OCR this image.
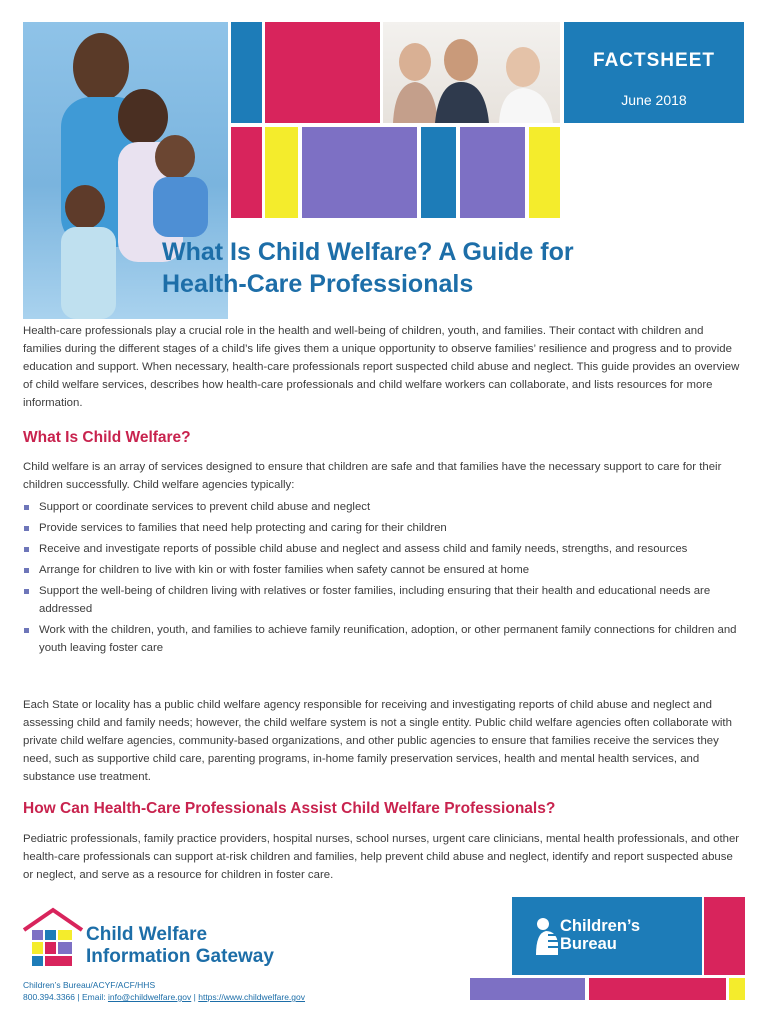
FACTSHEET
June 2018
What Is Child Welfare? A Guide for
Health-Care Professionals
Health-care professionals play a crucial role in the health and well-being of children, youth, and families. Their contact with children and families during the different stages of a child’s life gives them a unique opportunity to observe families’ resilience and progress and to provide education and support. When necessary, health-care professionals report suspected child abuse and neglect. This guide provides an overview of child welfare services, describes how health-care professionals and child welfare workers can collaborate, and lists resources for more information.
What Is Child Welfare?
Child welfare is an array of services designed to ensure that children are safe and that families have the necessary support to care for their children successfully. Child welfare agencies typically:
Support or coordinate services to prevent child abuse and neglect
Provide services to families that need help protecting and caring for their children
Receive and investigate reports of possible child abuse and neglect and assess child and family needs, strengths, and resources
Arrange for children to live with kin or with foster families when safety cannot be ensured at home
Support the well-being of children living with relatives or foster families, including ensuring that their health and educational needs are addressed
Work with the children, youth, and families to achieve family reunification, adoption, or other permanent family connections for children and youth leaving foster care
Each State or locality has a public child welfare agency responsible for receiving and investigating reports of child abuse and neglect and assessing child and family needs; however, the child welfare system is not a single entity. Public child welfare agencies often collaborate with private child welfare agencies, community-based organizations, and other public agencies to ensure that families receive the services they need, such as supportive child care, parenting programs, in-home family preservation services, health and mental health services, and substance use treatment.
How Can Health-Care Professionals Assist Child Welfare Professionals?
Pediatric professionals, family practice providers, hospital nurses, school nurses, urgent care clinicians, mental health professionals, and other health-care professionals can support at-risk children and families, help prevent child abuse and neglect, identify and report suspected abuse or neglect, and serve as a resource for children in foster care.
Child Welfare
Information Gateway
Children’s Bureau/ACYF/ACF/HHS
800.394.3366 | Email: info@childwelfare.gov | https://www.childwelfare.gov
Children’s
Bureau
